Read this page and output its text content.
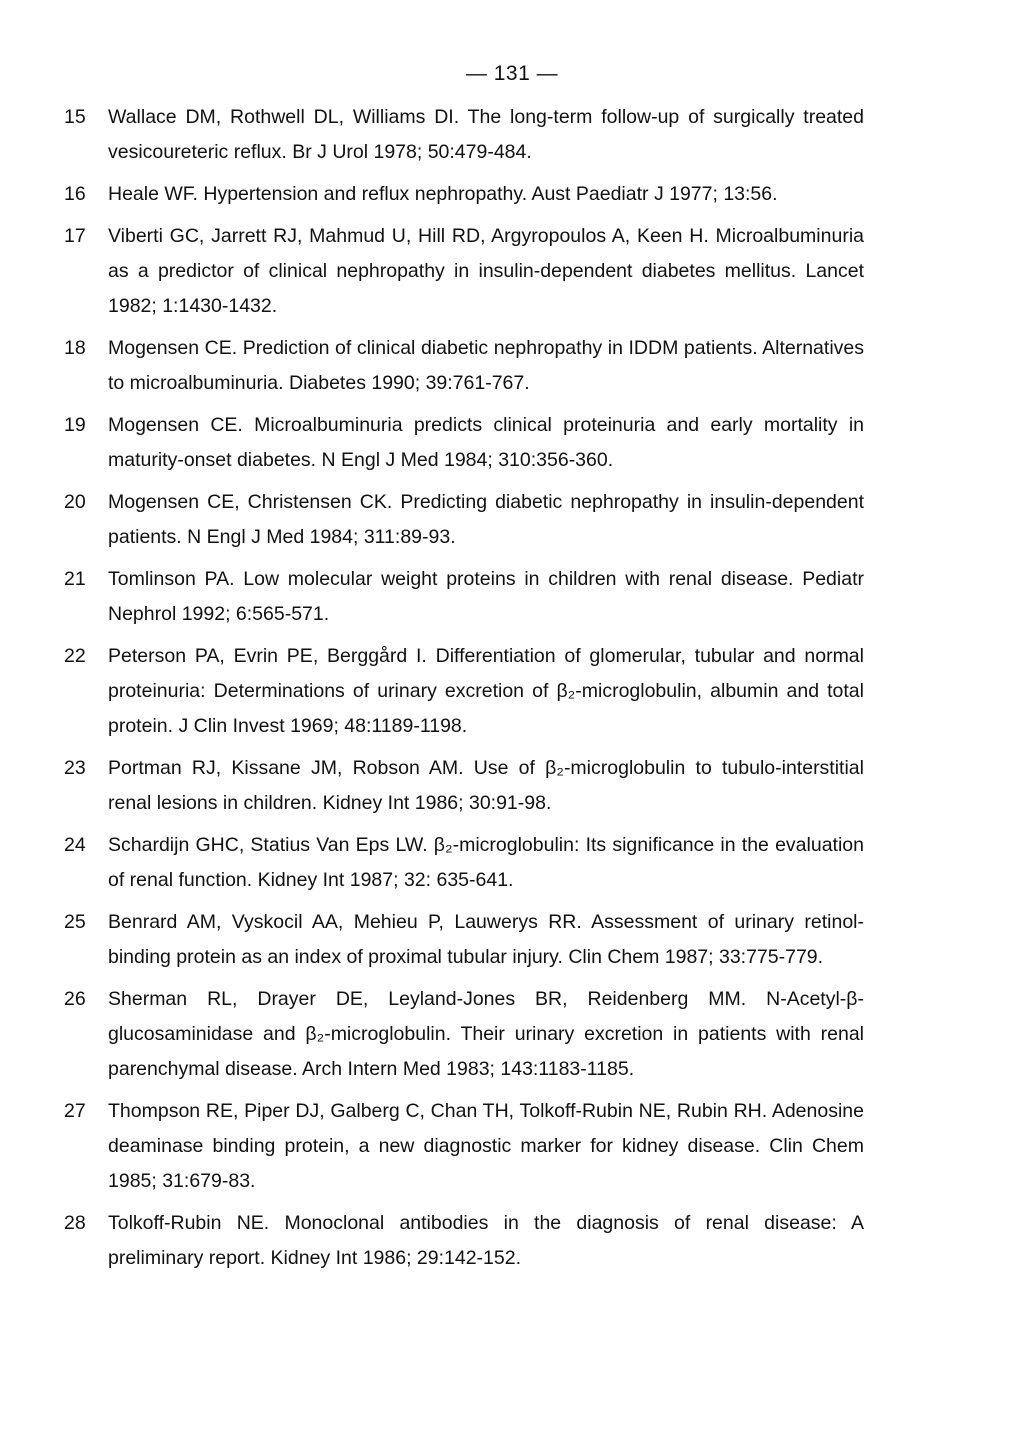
— 131 —
15	Wallace DM, Rothwell DL, Williams DI. The long-term follow-up of surgically treated vesicoureteric reflux. Br J Urol 1978; 50:479-484.
16	Heale WF. Hypertension and reflux nephropathy. Aust Paediatr J 1977; 13:56.
17	Viberti GC, Jarrett RJ, Mahmud U, Hill RD, Argyropoulos A, Keen H. Microalbuminuria as a predictor of clinical nephropathy in insulin-dependent diabetes mellitus. Lancet 1982; 1:1430-1432.
18	Mogensen CE. Prediction of clinical diabetic nephropathy in IDDM patients. Alternatives to microalbuminuria. Diabetes 1990; 39:761-767.
19	Mogensen CE. Microalbuminuria predicts clinical proteinuria and early mortality in maturity-onset diabetes. N Engl J Med 1984; 310:356-360.
20	Mogensen CE, Christensen CK. Predicting diabetic nephropathy in insulin-dependent patients. N Engl J Med 1984; 311:89-93.
21	Tomlinson PA. Low molecular weight proteins in children with renal disease. Pediatr Nephrol 1992; 6:565-571.
22	Peterson PA, Evrin PE, Berggård I. Differentiation of glomerular, tubular and normal proteinuria: Determinations of urinary excretion of β₂-microglobulin, albumin and total protein. J Clin Invest 1969; 48:1189-1198.
23	Portman RJ, Kissane JM, Robson AM. Use of β₂-microglobulin to tubulo-interstitial renal lesions in children. Kidney Int 1986; 30:91-98.
24	Schardijn GHC, Statius Van Eps LW. β₂-microglobulin: Its significance in the evaluation of renal function. Kidney Int 1987; 32: 635-641.
25	Benrard AM, Vyskocil AA, Mehieu P, Lauwerys RR. Assessment of urinary retinol-binding protein as an index of proximal tubular injury. Clin Chem 1987; 33:775-779.
26	Sherman RL, Drayer DE, Leyland-Jones BR, Reidenberg MM. N-Acetyl-β-glucosaminidase and β₂-microglobulin. Their urinary excretion in patients with renal parenchymal disease. Arch Intern Med 1983; 143:1183-1185.
27	Thompson RE, Piper DJ, Galberg C, Chan TH, Tolkoff-Rubin NE, Rubin RH. Adenosine deaminase binding protein, a new diagnostic marker for kidney disease. Clin Chem 1985; 31:679-83.
28	Tolkoff-Rubin NE. Monoclonal antibodies in the diagnosis of renal disease: A preliminary report. Kidney Int 1986; 29:142-152.
